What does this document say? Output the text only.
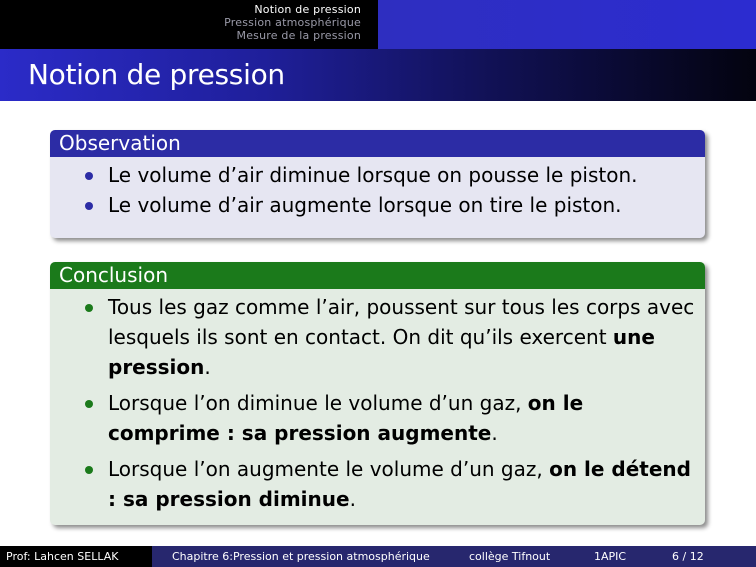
Notion de pression
Pression atmosphérique
Mesure de la pression
Notion de pression
Observation
Le volume d’air diminue lorsque on pousse le piston.
Le volume d’air augmente lorsque on tire le piston.
Conclusion
Tous les gaz comme l’air, poussent sur tous les corps avec lesquels ils sont en contact. On dit qu’ils exercent une pression.
Lorsque l’on diminue le volume d’un gaz, on le comprime : sa pression augmente.
Lorsque l’on augmente le volume d’un gaz, on le détend : sa pression diminue.
Prof: Lahcen SELLAK	Chapitre 6:Pression et pression atmosphérique	collège Tifnout	1APIC	6 / 12
